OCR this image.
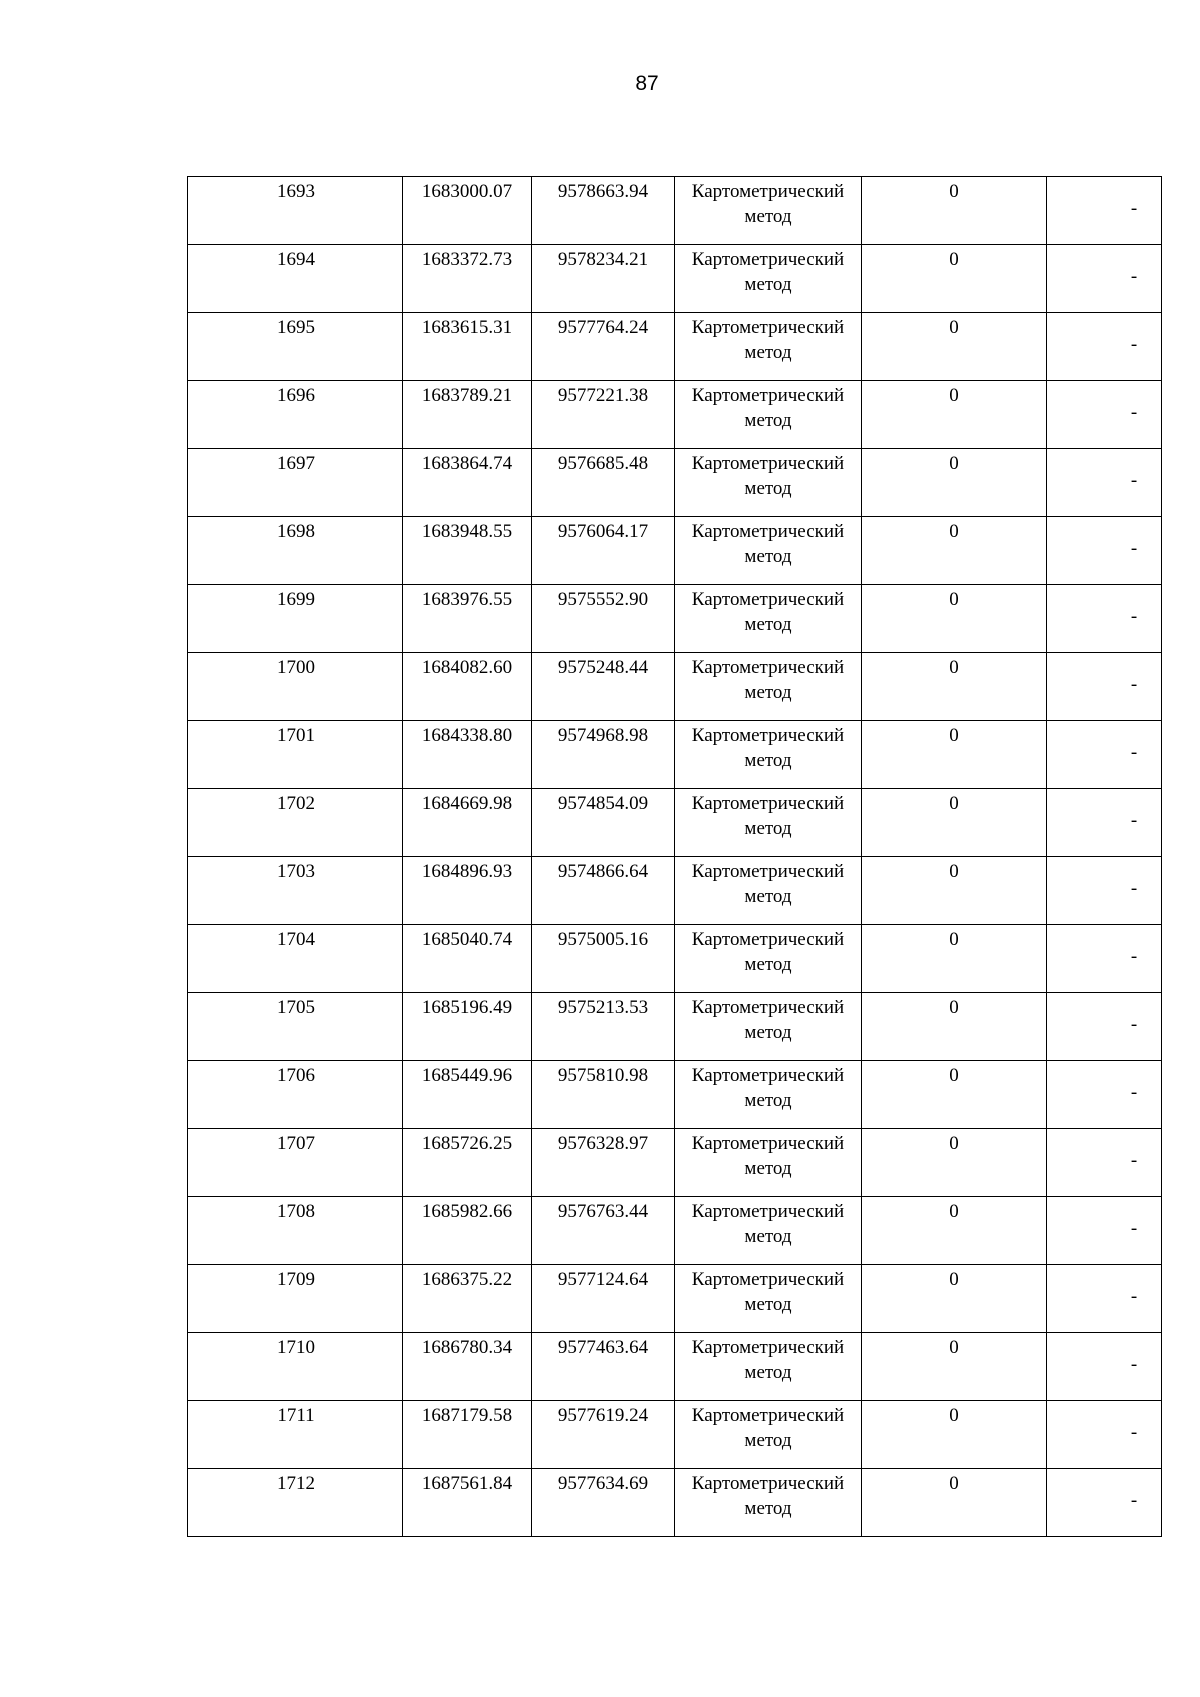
87
1693	1683000.07	9578663.94	Картометрический
метод	0	-

1694	1683372.73	9578234.21	Картометрический
метод	0	-

1695	1683615.31	9577764.24	Картометрический
метод	0	-

1696	1683789.21	9577221.38	Картометрический
метод	0	-

1697	1683864.74	9576685.48	Картометрический
метод	0	-

1698	1683948.55	9576064.17	Картометрический
метод	0	-

1699	1683976.55	9575552.90	Картометрический
метод	0	-

1700	1684082.60	9575248.44	Картометрический
метод	0	-

1701	1684338.80	9574968.98	Картометрический
метод	0	-

1702	1684669.98	9574854.09	Картометрический
метод	0	-

1703	1684896.93	9574866.64	Картометрический
метод	0	-

1704	1685040.74	9575005.16	Картометрический
метод	0	-

1705	1685196.49	9575213.53	Картометрический
метод	0	-

1706	1685449.96	9575810.98	Картометрический
метод	0	-

1707	1685726.25	9576328.97	Картометрический
метод	0	-

1708	1685982.66	9576763.44	Картометрический
метод	0	-

1709	1686375.22	9577124.64	Картометрический
метод	0	-

1710	1686780.34	9577463.64	Картометрический
метод	0	-

1711	1687179.58	9577619.24	Картометрический
метод	0	-

1712	1687561.84	9577634.69	Картометрический
метод	0	-
